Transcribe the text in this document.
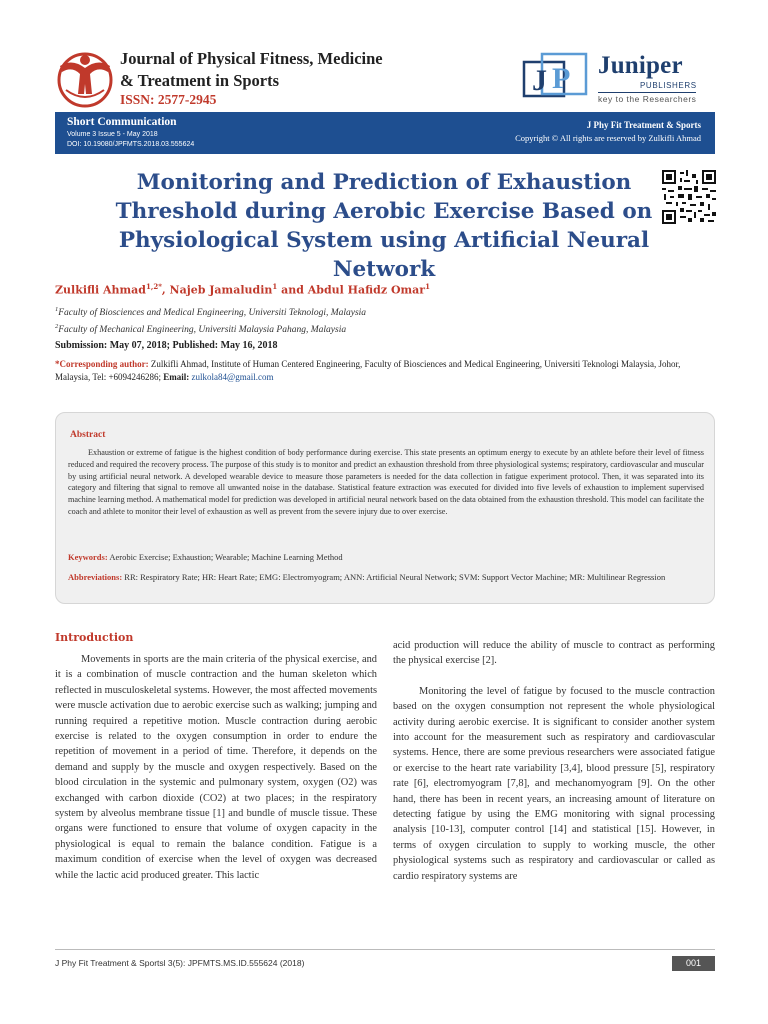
Journal of Physical Fitness, Medicine
& Treatment in Sports
ISSN: 2577-2945
J P Juniper
PUBLISHERS
key to the Researchers
Short Communication
Volume 3 Issue 5 - May 2018
DOI: 10.19080/JPFMTS.2018.03.555624
J Phy Fit Treatment & Sports
Copyright © All rights are reserved by Zulkifli Ahmad
Monitoring and Prediction of Exhaustion
Threshold during Aerobic Exercise Based on
Physiological System using Artificial Neural Network
Zulkifli Ahmad$^{1,2*}$, Najeb Jamaludin$^1$ and Abdul Hafidz Omar$^1$
$^1$Faculty of Biosciences and Medical Engineering, Universiti Teknologi, Malaysia
$^2$Faculty of Mechanical Engineering, Universiti Malaysia Pahang, Malaysia
Submission: May 07, 2018; Published: May 16, 2018
*Corresponding author: Zulkifli Ahmad, Institute of Human Centered Engineering, Faculty of Biosciences and Medical Engineering, Universiti Teknologi Malaysia, Johor, Malaysia, Tel: +6094246286; Email: zulkola84@gmail.com
Abstract
Exhaustion or extreme of fatigue is the highest condition of body performance during exercise. This state presents an optimum energy to execute by an athlete before their level of fitness reduced and required the recovery process. The purpose of this study is to monitor and predict an exhaustion threshold from three physiological systems; respiratory, cardiovascular and muscular by using artificial neural network. A developed wearable device to measure those parameters is needed for the data collection in fatigue experiment protocol. Then, it was separated into its category and filtering that signal to remove all unwanted noise in the database. Statistical feature extraction was executed for divided into five levels of exhaustion to implement supervised machine learning method. A mathematical model for prediction was developed in artificial neural network based on the data obtained from the exhaustion threshold. This model can facilitate the coach and athlete to monitor their level of exhaustion as well as prevent from the severe injury due to over exercise.
Keywords: Aerobic Exercise; Exhaustion; Wearable; Machine Learning Method
Abbreviations: RR: Respiratory Rate; HR: Heart Rate; EMG: Electromyogram; ANN: Artificial Neural Network; SVM: Support Vector Machine; MR: Multilinear Regression
Introduction

Movements in sports are the main criteria of the physical exercise, and it is a combination of muscle contraction and the human skeleton which reflected in musculoskeletal systems. However, the most affected movements were muscle activation due to aerobic exercise such as walking; jumping and running required a repetitive motion. Muscle contraction during aerobic exercise is related to the oxygen consumption in order to endure the repetition of movement in a period of time. Therefore, it depends on the demand and supply by the muscle and oxygen respectively. Based on the blood circulation in the systemic and pulmonary system, oxygen (O2) was exchanged with carbon dioxide (CO2) at two places; in the respiratory system by alveolus membrane tissue [1] and bundle of muscle tissue. These organs were functioned to ensure that volume of oxygen capacity in the physiological is equal to remain the balance condition. Fatigue is a maximum condition of exercise when the level of oxygen was decreased while the lactic acid produced greater. This lactic

acid production will reduce the ability of muscle to contract as performing the physical exercise [2].

Monitoring the level of fatigue by focused to the muscle contraction based on the oxygen consumption not represent the whole physiological activity during aerobic exercise. It is significant to consider another system into account for the measurement such as respiratory and cardiovascular systems. Hence, there are some previous researchers were associated fatigue or exercise to the heart rate variability [3,4], blood pressure [5], respiratory rate [6], electromyogram [7,8], and mechanomyogram [9]. On the other hand, there has been in recent years, an increasing amount of literature on detecting fatigue by using the EMG monitoring with signal processing analysis [10-13], computer control [14] and statistical [15]. However, in terms of oxygen circulation to supply to working muscle, the other physiological systems such as respiratory and cardiovascular or called as cardio respiratory systems are

J Phy Fit Treatment & Sportsl 3(5): JPFMTS.MS.ID.555624 (2018)	001
